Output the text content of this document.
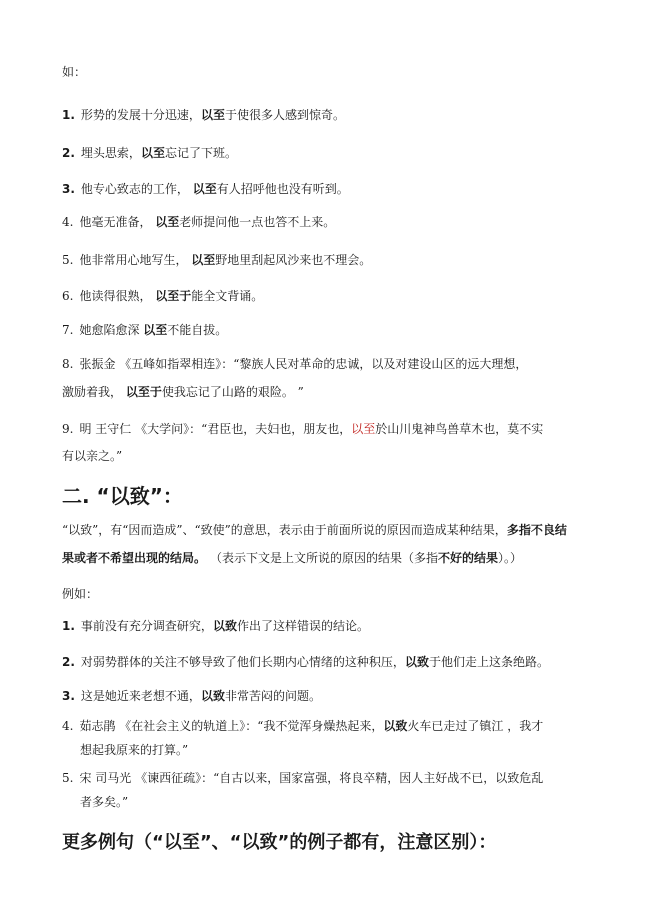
如：
1. 形势的发展十分迅速，以至于使很多人感到惊奇。
2. 埋头思索，以至忘记了下班。
3. 他专心致志的工作， 以至有人招呼他也没有听到。
4. 他毫无准备， 以至老师提问他一点也答不上来。
5. 他非常用心地写生， 以至野地里刮起风沙来也不理会。
6. 他读得很熟， 以至于能全文背诵。
7. 她愈陷愈深 以至不能自拔。
8. 张振金 《五峰如指翠相连》：“黎族人民对革命的忠诚，以及对建设山区的远大理想，
激励着我， 以至于使我忘记了山路的艰险。 ”
9. 明 王守仁 《大学问》：“君臣也，夫妇也，朋友也，以至於山川鬼神鸟兽草木也，莫不实
有以亲之。”
二. “以致”：
“以致”，有“因而造成”、“致使”的意思，表示由于前面所说的原因而造成某种结果，多指不良结
果或者不希望出现的结局。 （表示下文是上文所说的原因的结果（多指不好的结果）。）
例如：
1. 事前没有充分调查研究，以致作出了这样错误的结论。
2. 对弱势群体的关注不够导致了他们长期内心情绪的这种积压，以致于他们走上这条绝路。
3. 这是她近来老想不通，以致非常苦闷的问题。
4. 茹志鹃 《在社会主义的轨道上》：“我不觉浑身燥热起来，以致火车已走过了镇江 ，我才
想起我原来的打算。”
5. 宋 司马光 《谏西征疏》：“自古以来，国家富强，将良卒精，因人主好战不已，以致危乱
者多矣。”
更多例句（“以至”、“以致”的例子都有，注意区别）：
